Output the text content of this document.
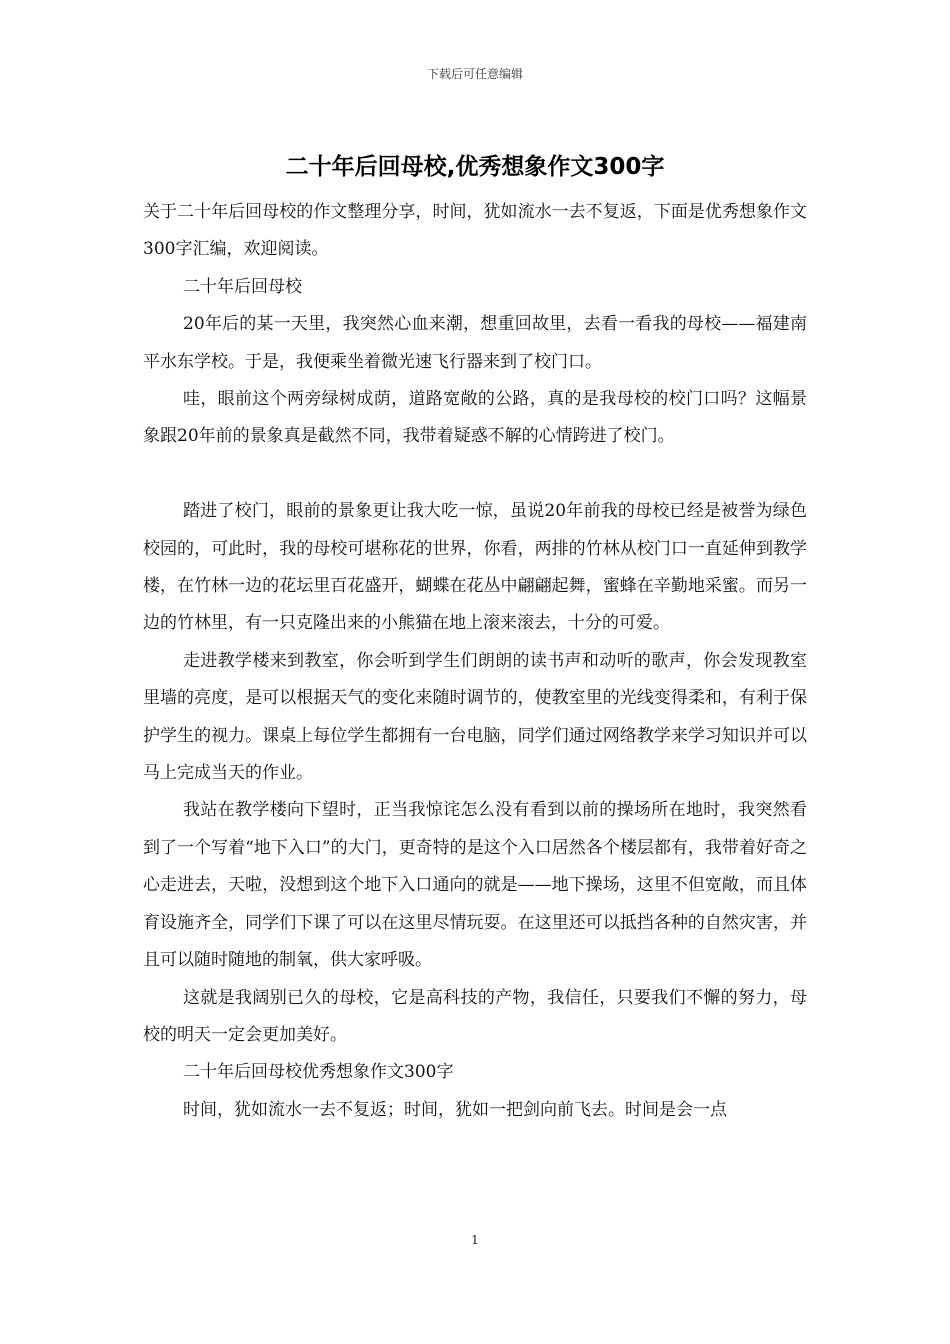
下载后可任意编辑
二十年后回母校,优秀想象作文300字

关于二十年后回母校的作文整理分享，时间，犹如流水一去不复返，下面是优秀想象作文300字汇编，欢迎阅读。

二十年后回母校

20年后的某一天里，我突然心血来潮，想重回故里，去看一看我的母校——福建南平水东学校。于是，我便乘坐着微光速飞行器来到了校门口。

哇，眼前这个两旁绿树成荫，道路宽敞的公路，真的是我母校的校门口吗？这幅景象跟20年前的景象真是截然不同，我带着疑惑不解的心情跨进了校门。

踏进了校门，眼前的景象更让我大吃一惊，虽说20年前我的母校已经是被誉为绿色校园的，可此时，我的母校可堪称花的世界，你看，两排的竹林从校门口一直延伸到教学楼，在竹林一边的花坛里百花盛开，蝴蝶在花丛中翩翩起舞，蜜蜂在辛勤地采蜜。而另一边的竹林里，有一只克隆出来的小熊猫在地上滚来滚去，十分的可爱。

走进教学楼来到教室，你会听到学生们朗朗的读书声和动听的歌声，你会发现教室里墙的亮度，是可以根据天气的变化来随时调节的，使教室里的光线变得柔和，有利于保护学生的视力。课桌上每位学生都拥有一台电脑，同学们通过网络教学来学习知识并可以马上完成当天的作业。

我站在教学楼向下望时，正当我惊诧怎么没有看到以前的操场所在地时，我突然看到了一个写着“地下入口”的大门，更奇特的是这个入口居然各个楼层都有，我带着好奇之心走进去，天啦，没想到这个地下入口通向的就是——地下操场，这里不但宽敞，而且体育设施齐全，同学们下课了可以在这里尽情玩耍。在这里还可以抵挡各种的自然灾害，并且可以随时随地的制氧，供大家呼吸。

这就是我阔别已久的母校，它是高科技的产物，我信任，只要我们不懈的努力，母校的明天一定会更加美好。

二十年后回母校优秀想象作文300字

时间，犹如流水一去不复返；时间，犹如一把剑向前飞去。时间是会一点

1
